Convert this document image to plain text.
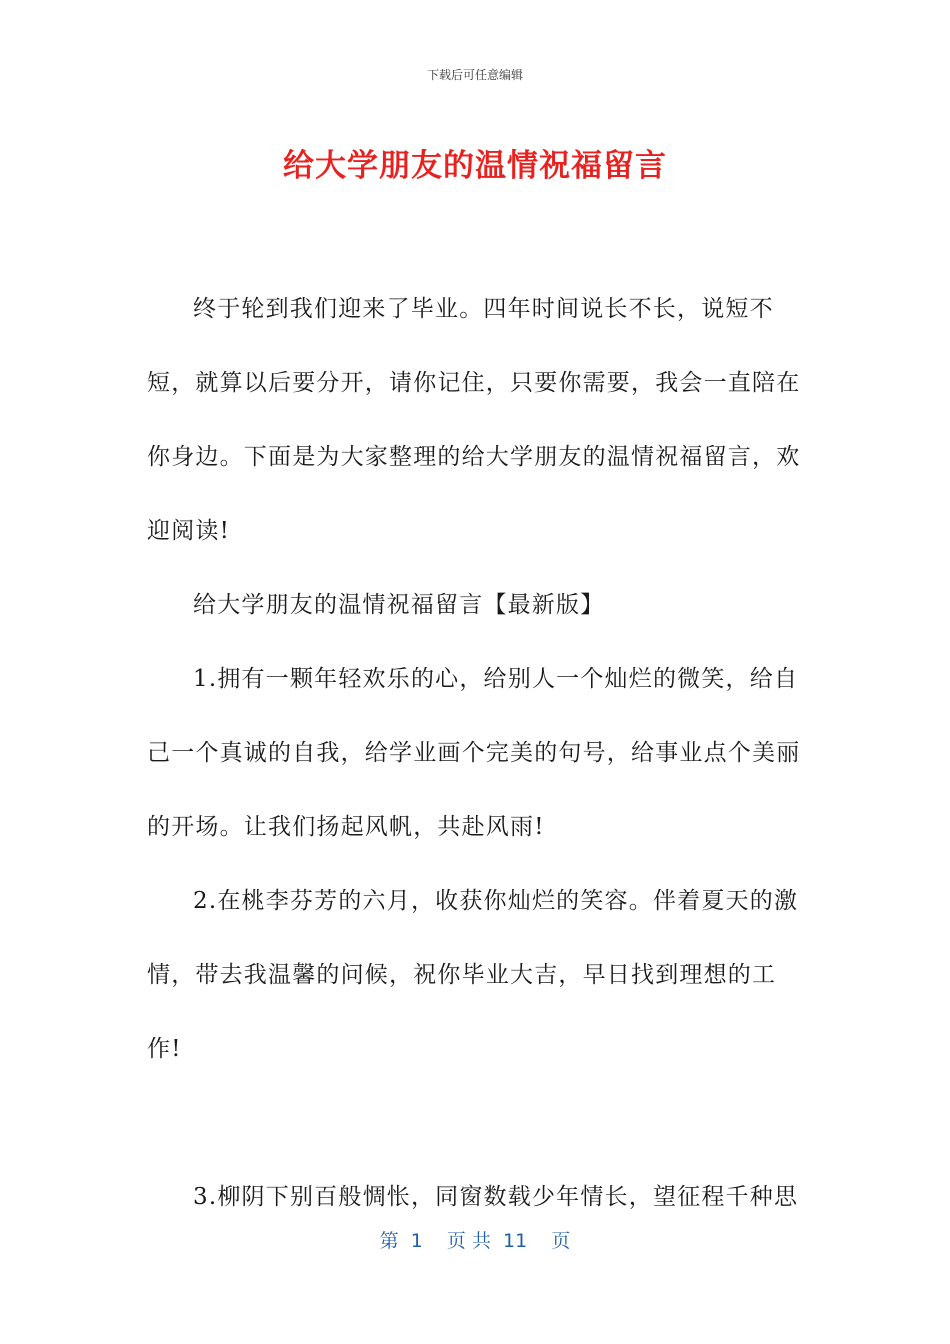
下载后可任意编辑
给大学朋友的温情祝福留言

终于轮到我们迎来了毕业。四年时间说长不长，说短不短，就算以后要分开，请你记住，只要你需要，我会一直陪在你身边。下面是为大家整理的给大学朋友的温情祝福留言，欢迎阅读!

给大学朋友的温情祝福留言【最新版】

1.拥有一颗年轻欢乐的心，给别人一个灿烂的微笑，给自己一个真诚的自我，给学业画个完美的句号，给事业点个美丽的开场。让我们扬起风帆，共赴风雨!

2.在桃李芬芳的六月，收获你灿烂的笑容。伴着夏天的激情，带去我温馨的问候，祝你毕业大吉，早日找到理想的工作!

3.柳阴下别百般惆怅，同窗数载少年情长，望征程千种思

第  1    页 共  11    页
